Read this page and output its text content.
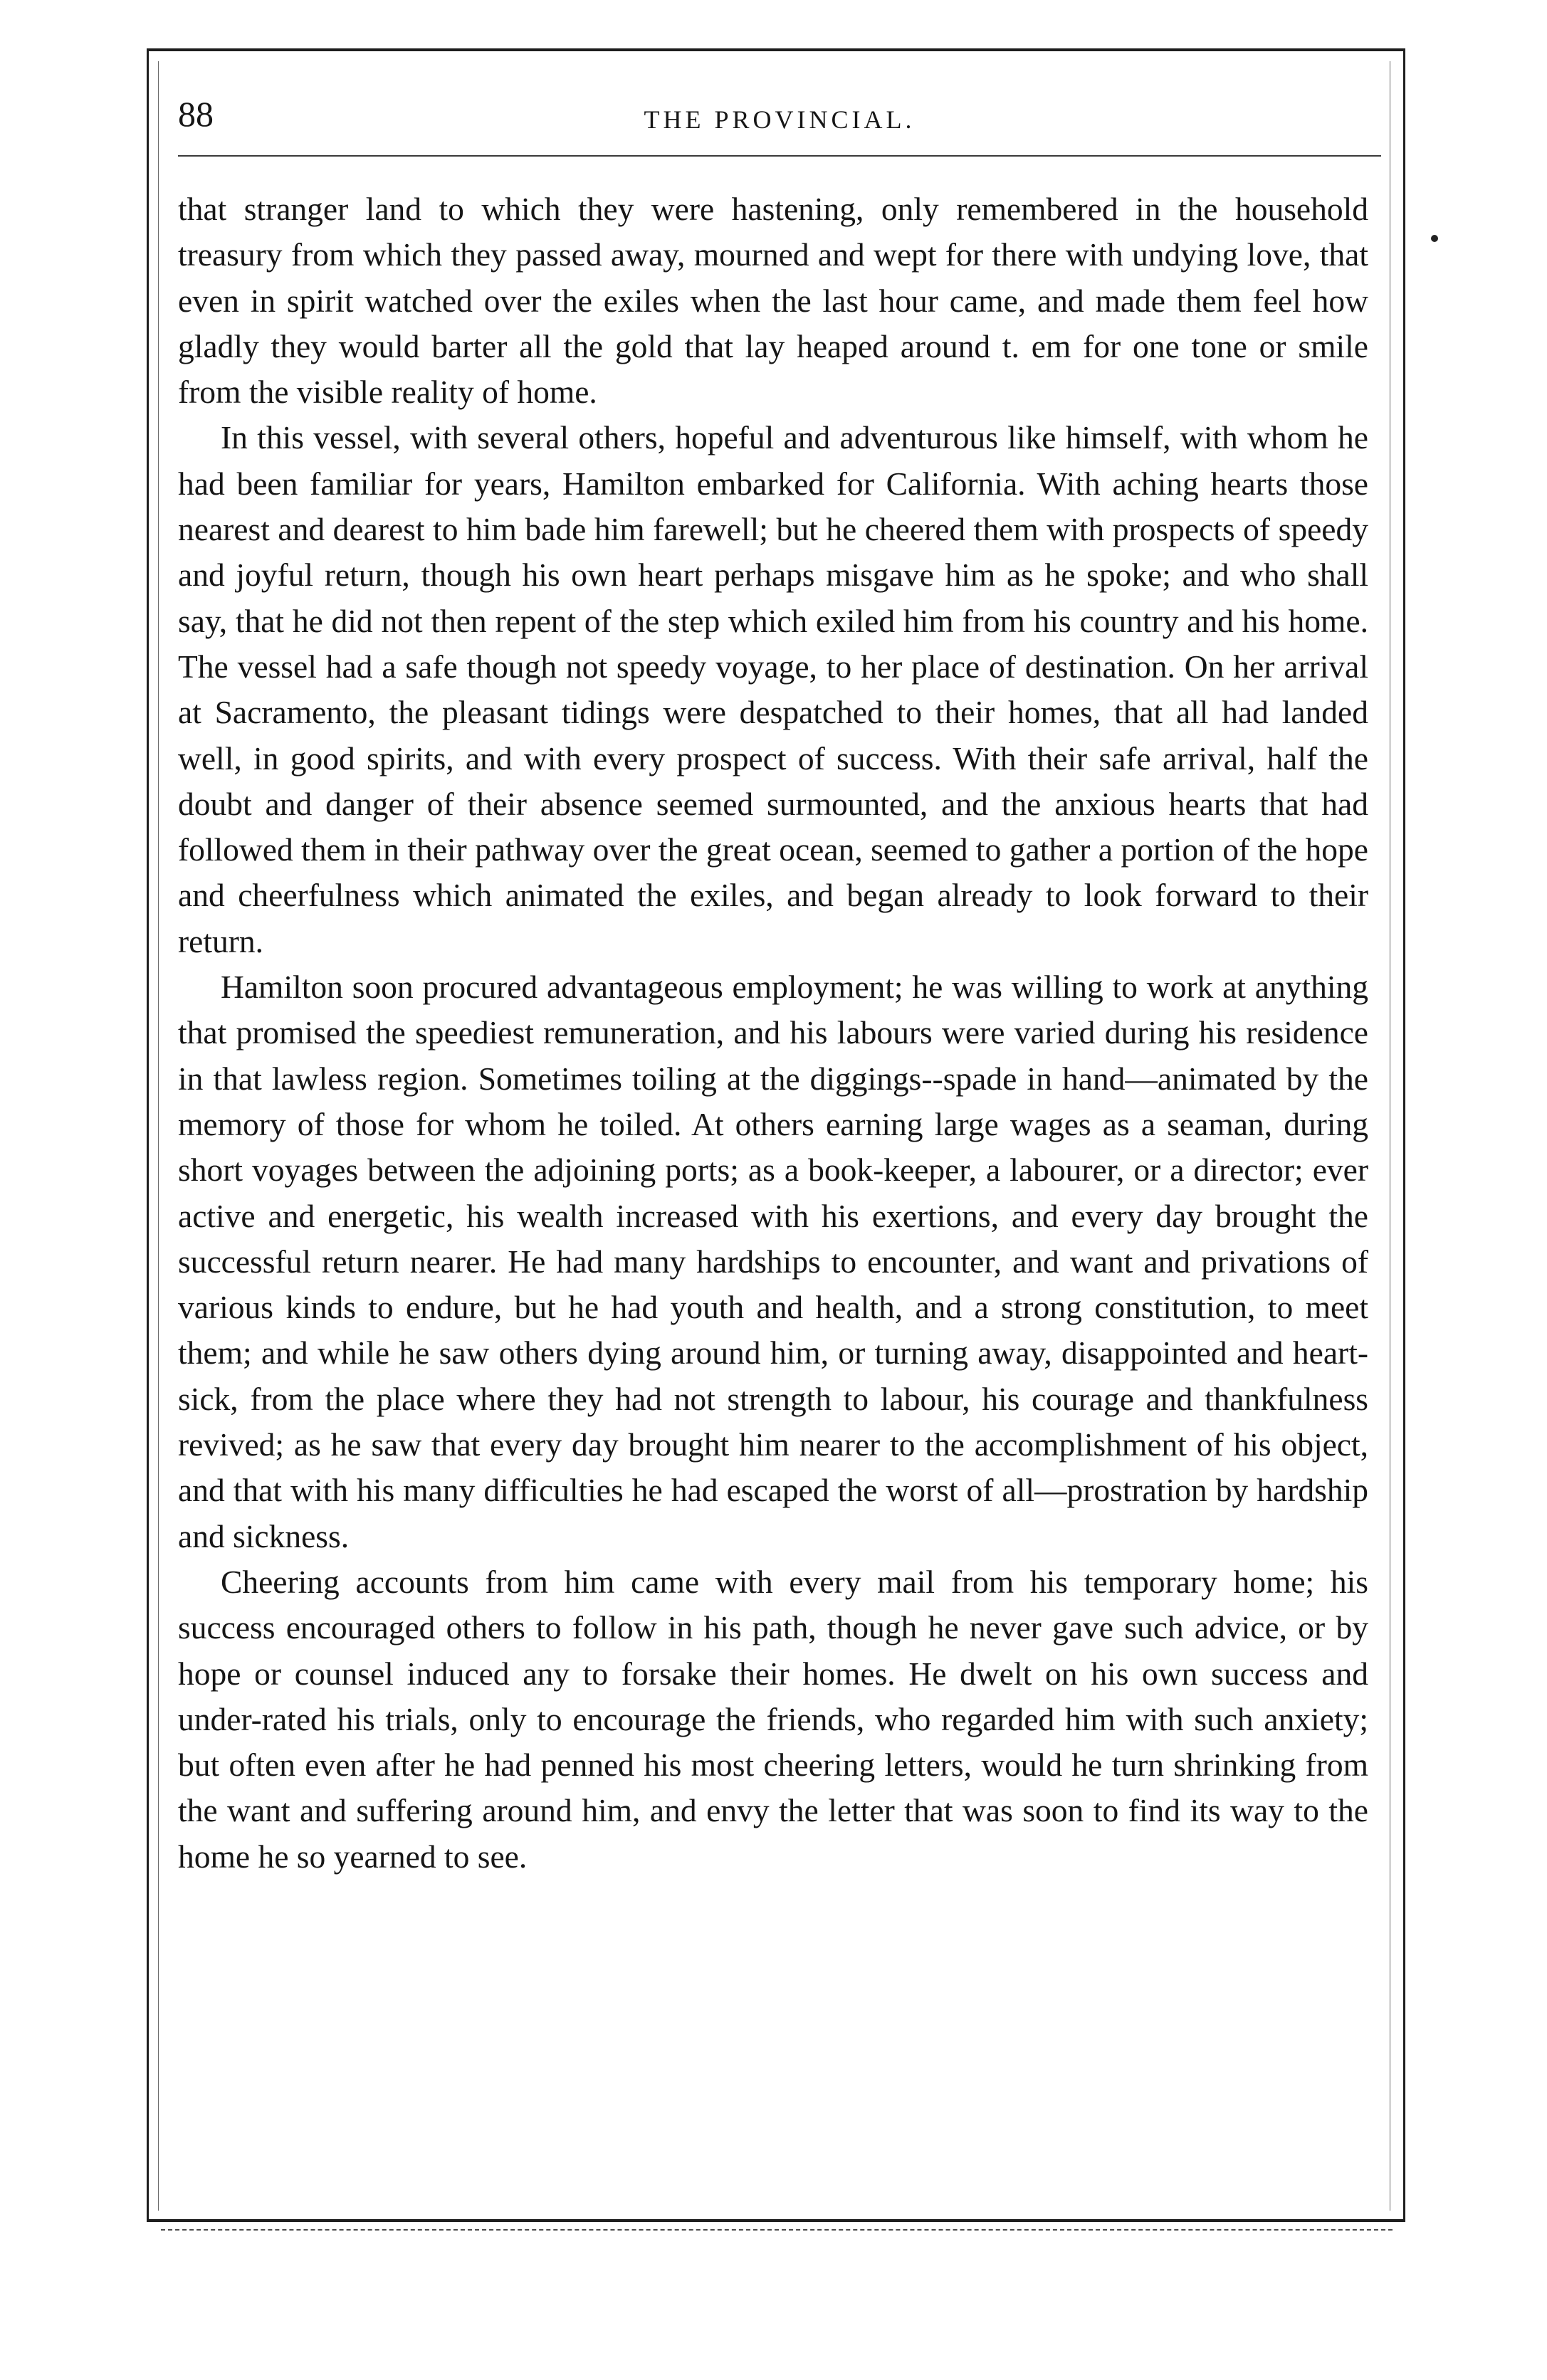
88	THE PROVINCIAL.

that stranger land to which they were hastening, only remembered in the household treasury from which they passed away, mourned and wept for there with undying love, that even in spirit watched over the exiles when the last hour came, and made them feel how gladly they would barter all the gold that lay heaped around t. em for one tone or smile from the visible reality of home.

In this vessel, with several others, hopeful and adventurous like himself, with whom he had been familiar for years, Hamilton embarked for California. With aching hearts those nearest and dearest to him bade him farewell; but he cheered them with prospects of speedy and joyful return, though his own heart perhaps misgave him as he spoke; and who shall say, that he did not then repent of the step which exiled him from his country and his home. The vessel had a safe though not speedy voyage, to her place of destination. On her arrival at Sacramento, the pleasant tidings were despatched to their homes, that all had landed well, in good spirits, and with every prospect of success. With their safe arrival, half the doubt and danger of their absence seemed surmounted, and the anxious hearts that had followed them in their pathway over the great ocean, seemed to gather a portion of the hope and cheerfulness which animated the exiles, and began already to look forward to their return.

Hamilton soon procured advantageous employment; he was willing to work at anything that promised the speediest remuneration, and his labours were varied during his residence in that lawless region. Sometimes toiling at the diggings--spade in hand—animated by the memory of those for whom he toiled. At others earning large wages as a seaman, during short voyages between the adjoining ports; as a book-keeper, a labourer, or a director; ever active and energetic, his wealth increased with his exertions, and every day brought the successful return nearer. He had many hardships to encounter, and want and privations of various kinds to endure, but he had youth and health, and a strong constitution, to meet them; and while he saw others dying around him, or turning away, disappointed and heart-sick, from the place where they had not strength to labour, his courage and thankfulness revived; as he saw that every day brought him nearer to the accomplishment of his object, and that with his many difficulties he had escaped the worst of all—prostration by hardship and sickness.

Cheering accounts from him came with every mail from his temporary home; his success encouraged others to follow in his path, though he never gave such advice, or by hope or counsel induced any to forsake their homes. He dwelt on his own success and under-rated his trials, only to encourage the friends, who regarded him with such anxiety; but often even after he had penned his most cheering letters, would he turn shrinking from the want and suffering around him, and envy the letter that was soon to find its way to the home he so yearned to see.
